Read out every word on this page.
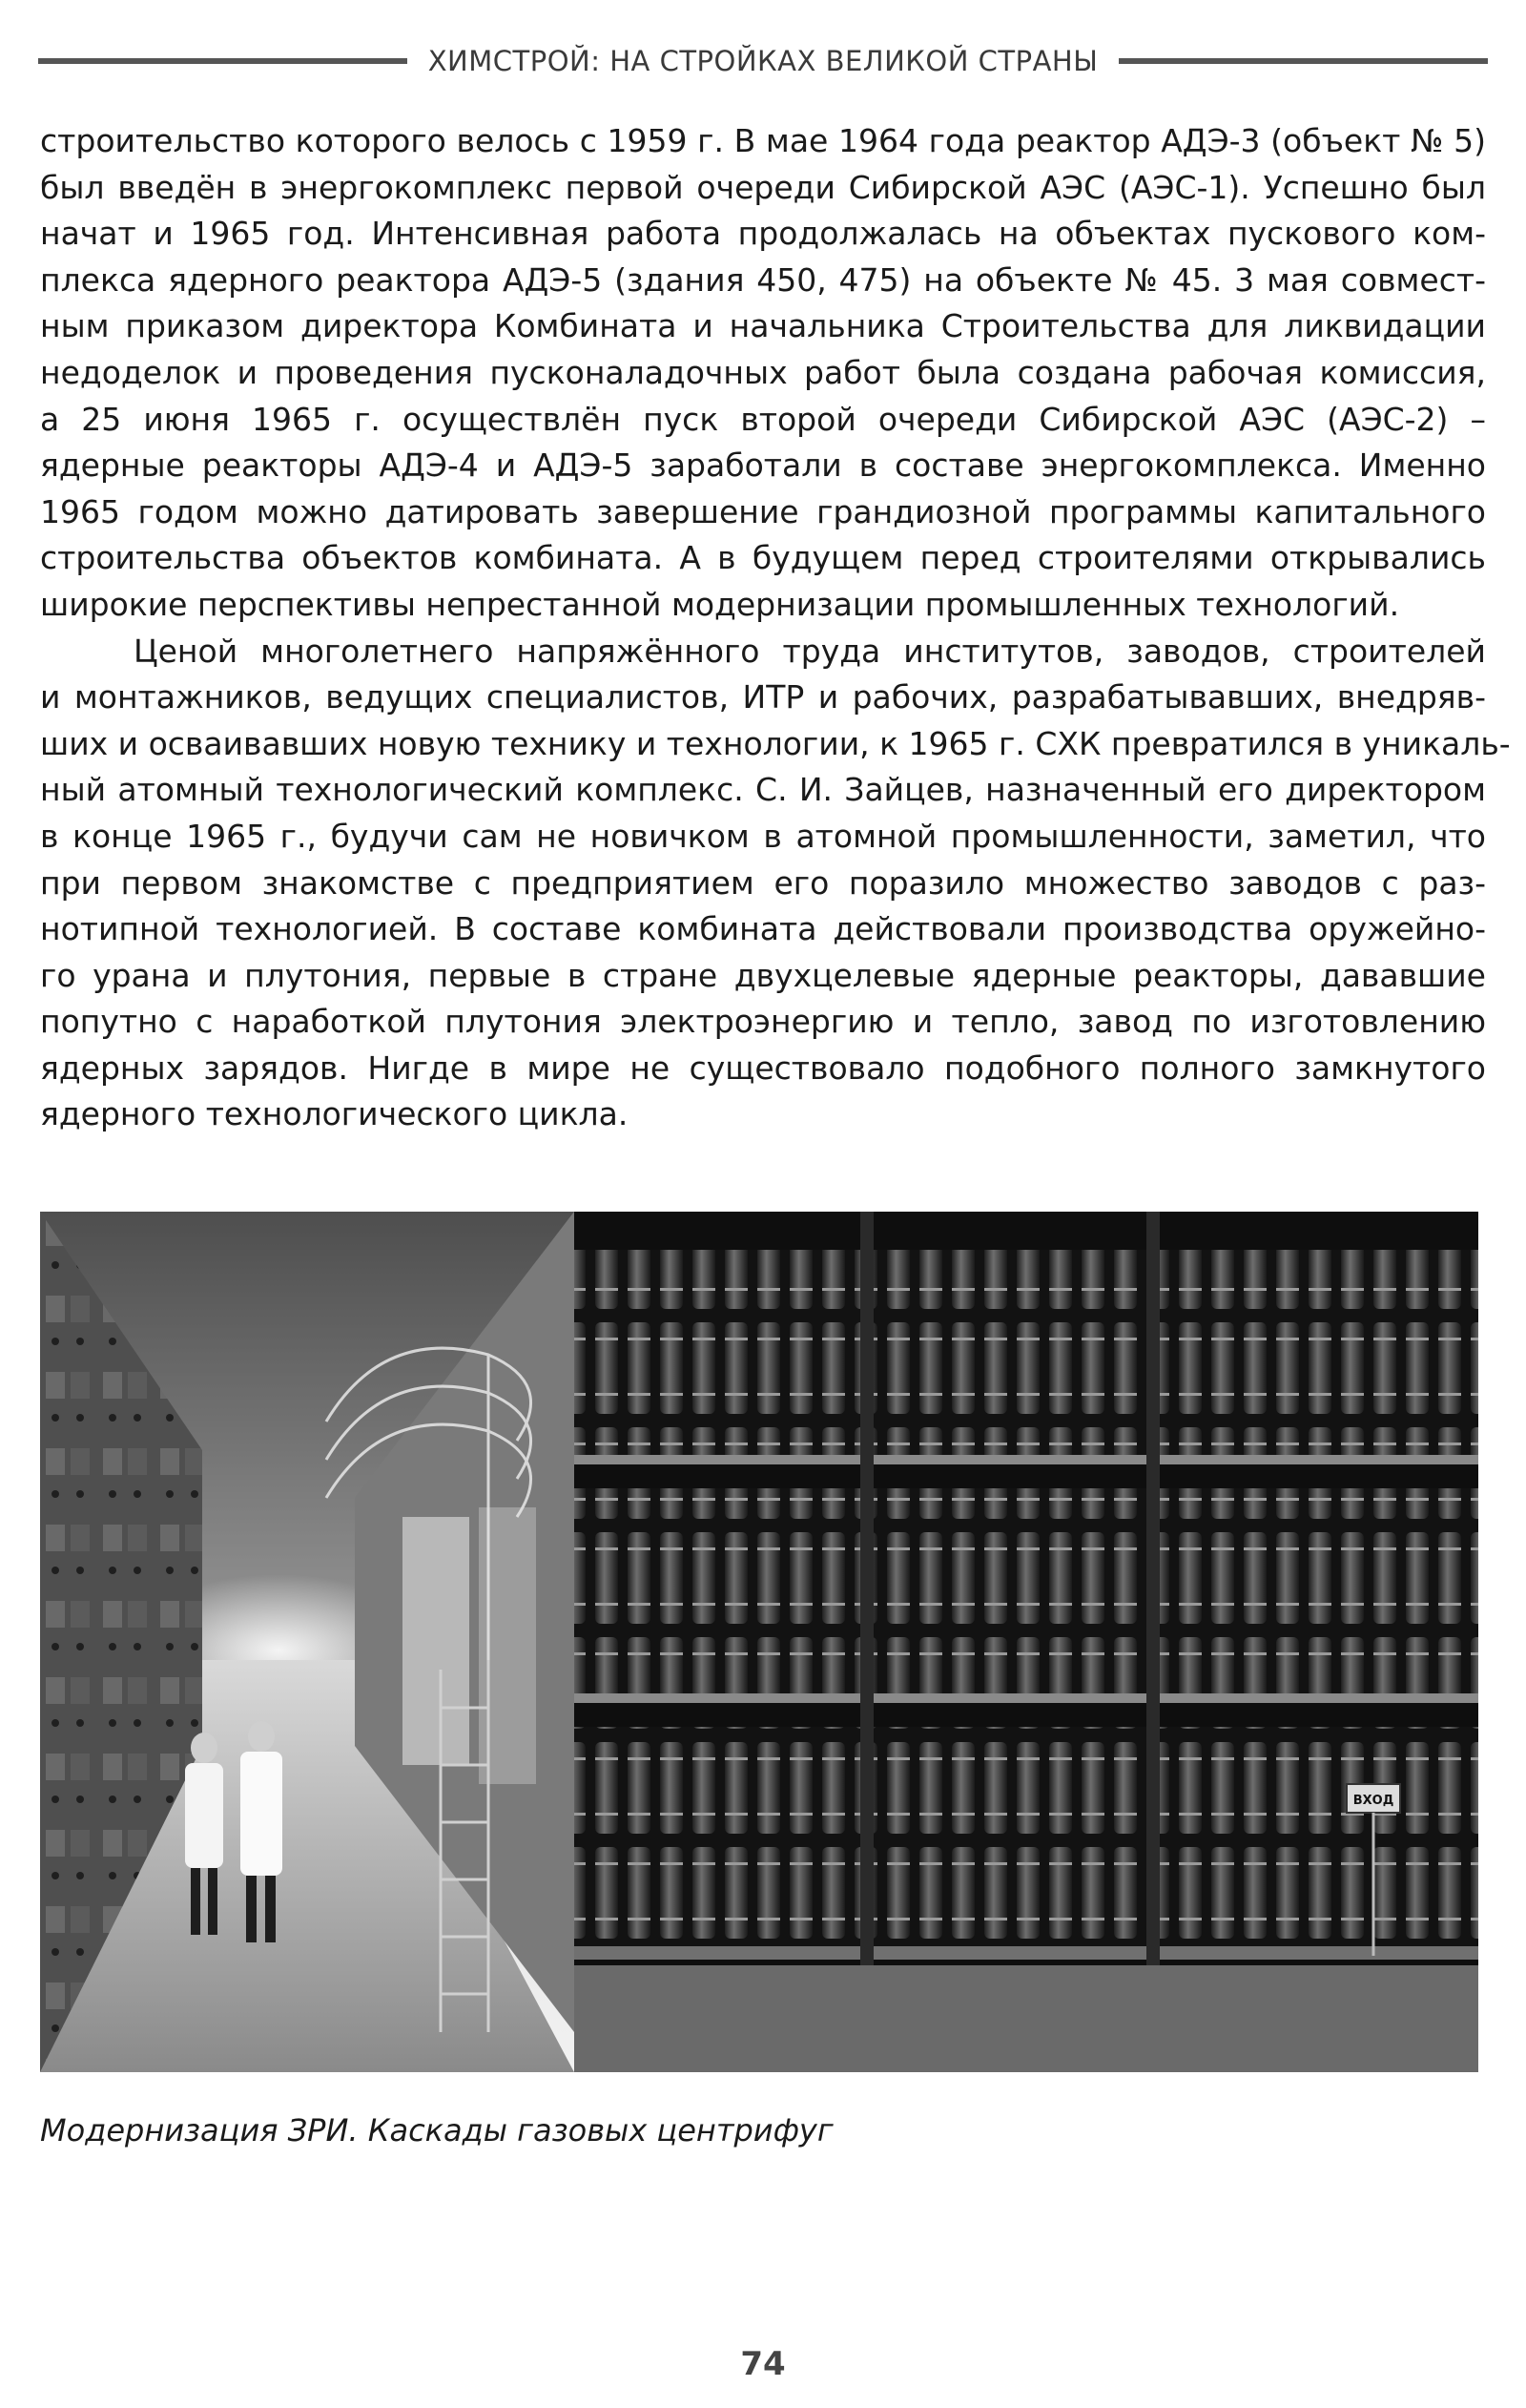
ХИМСТРОЙ: НА СТРОЙКАХ ВЕЛИКОЙ СТРАНЫ
строительство которого велось с 1959 г. В мае 1964 года реактор АДЭ-3 (объект № 5)
был введён в энергокомплекс первой очереди Сибирской АЭС (АЭС-1). Успешно был
начат и 1965 год. Интенсивная работа продолжалась на объектах пускового ком-
плекса ядерного реактора АДЭ-5 (здания 450, 475) на объекте № 45. 3 мая совмест-
ным приказом директора Комбината и начальника Строительства для ликвидации
недоделок и проведения пусконаладочных работ была создана рабочая комиссия,
а 25 июня 1965 г. осуществлён пуск второй очереди Сибирской АЭС (АЭС-2) –
ядерные реакторы АДЭ-4 и АДЭ-5 заработали в составе энергокомплекса. Именно
1965 годом можно датировать завершение грандиозной программы капитального
строительства объектов комбината. А в будущем перед строителями открывались
широкие перспективы непрестанной модернизации промышленных технологий.
Ценой многолетнего напряжённого труда институтов, заводов, строителей
и монтажников, ведущих специалистов, ИТР и рабочих, разрабатывавших, внедряв-
ших и осваивавших новую технику и технологии, к 1965 г. СХК превратился в уникаль-
ный атомный технологический комплекс. С. И. Зайцев, назначенный его директором
в конце 1965 г., будучи сам не новичком в атомной промышленности, заметил, что
при первом знакомстве с предприятием его поразило множество заводов с раз-
нотипной технологией. В составе комбината действовали производства оружейно-
го урана и плутония, первые в стране двухцелевые ядерные реакторы, дававшие
попутно с наработкой плутония электроэнергию и тепло, завод по изготовлению
ядерных зарядов. Нигде в мире не существовало подобного полного замкнутого
ядерного технологического цикла.
ВХОД
Модернизация ЗРИ. Каскады газовых центрифуг
74
